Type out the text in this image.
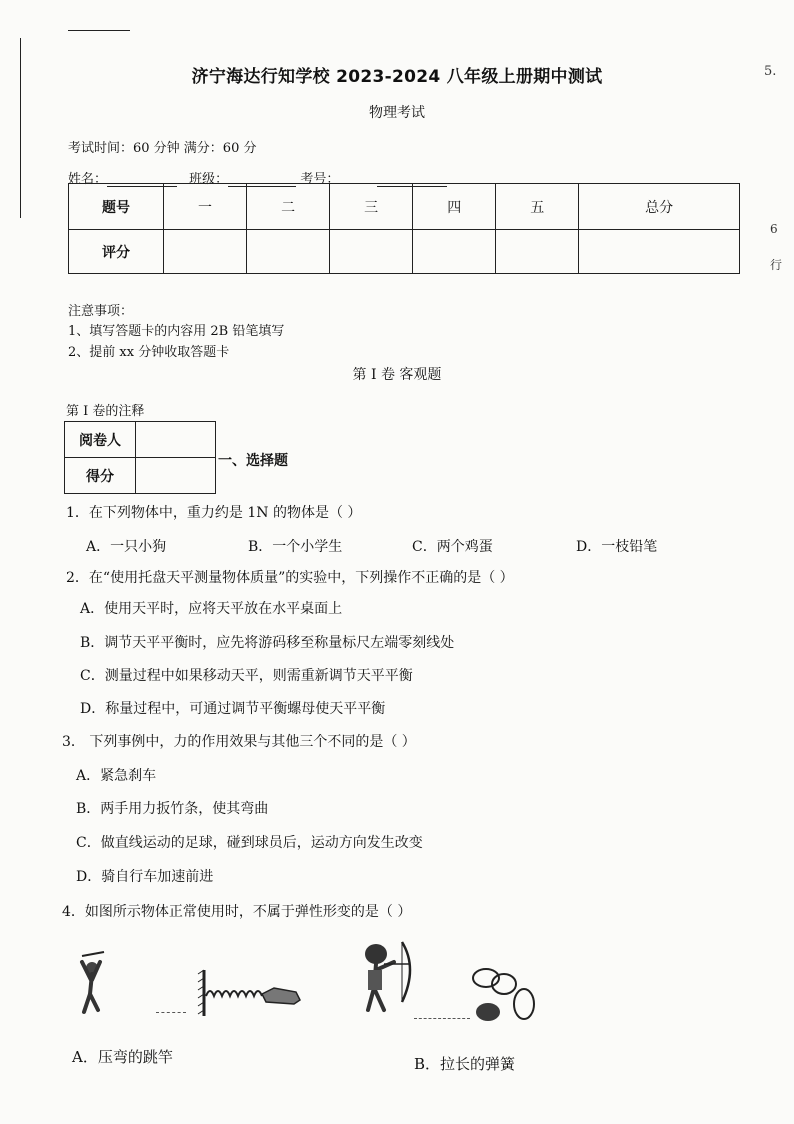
5.
6
行
济宁海达行知学校 2023-2024 八年级上册期中测试
物理考试
考试时间：60 分钟 满分：60 分
姓名：	班级：	考号：
题号	一	二	三	四	五	总分
评分						
注意事项：
1、填写答题卡的内容用 2B 铅笔填写
2、提前 xx 分钟收取答题卡
第 I 卷 客观题
第 I 卷的注释
阅卷人	
得分	
一、选择题
1．在下列物体中，重力约是 1N 的物体是（ ）
A．一只小狗	B．一个小学生	C．两个鸡蛋	D．一枝铅笔
2．在“使用托盘天平测量物体质量”的实验中，下列操作不正确的是（ ）
A．使用天平时，应将天平放在水平桌面上
B．调节天平平衡时，应先将游码移至称量标尺左端零刻线处
C．测量过程中如果移动天平，则需重新调节天平平衡
D．称量过程中，可通过调节平衡螺母使天平平衡
3． 下列事例中，力的作用效果与其他三个不同的是（ ）
A．紧急刹车
B．两手用力扳竹条，使其弯曲
C．做直线运动的足球，碰到球员后，运动方向发生改变
D．骑自行车加速前进
4．如图所示物体正常使用时，不属于弹性形变的是（ ）
A．压弯的跳竿	B．拉长的弹簧
